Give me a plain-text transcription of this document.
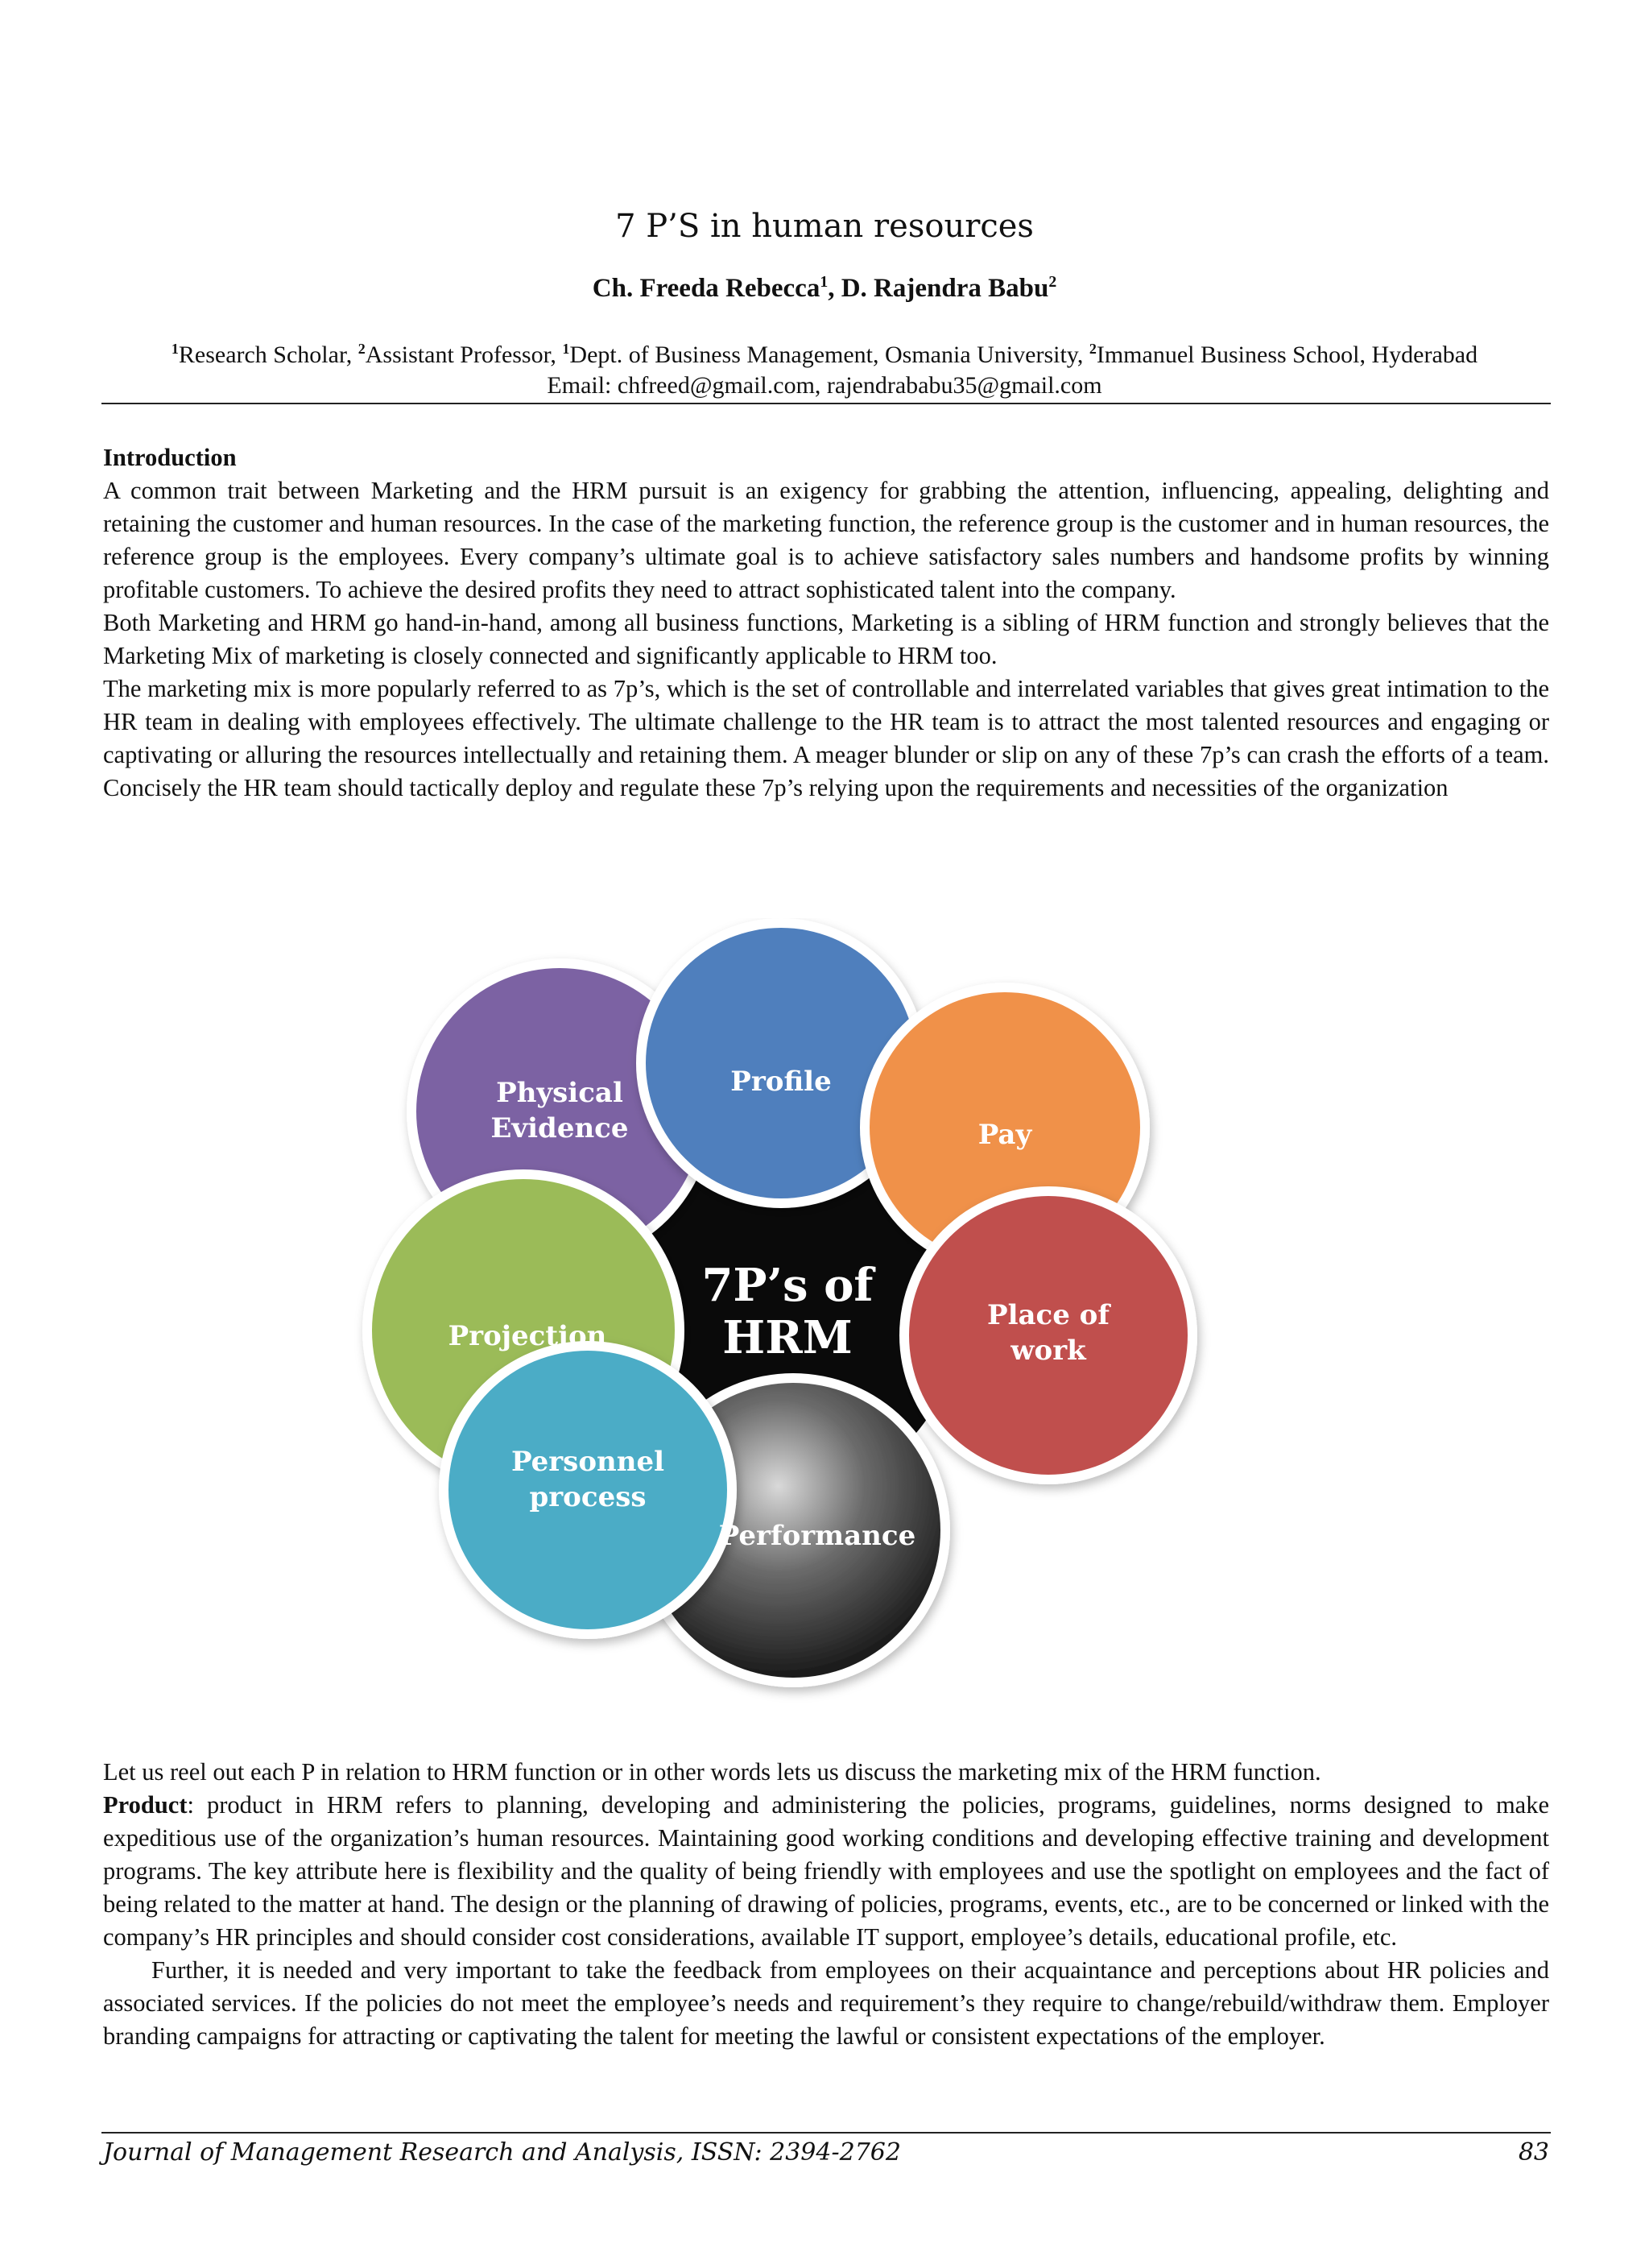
7 P’S in human resources
Ch. Freeda Rebecca$^1$, D. Rajendra Babu$^2$
$^1$Research Scholar, $^2$Assistant Professor, $^1$Dept. of Business Management, Osmania University, $^2$Immanuel Business School, Hyderabad
Email: chfreed@gmail.com, rajendrababu35@gmail.com

Introduction

A common trait between Marketing and the HRM pursuit is an exigency for grabbing the attention, influencing, appealing, delighting and retaining the customer and human resources. In the case of the marketing function, the reference group is the customer and in human resources, the reference group is the employees. Every company’s ultimate goal is to achieve satisfactory sales numbers and handsome profits by winning profitable customers. To achieve the desired profits they need to attract sophisticated talent into the company.

Both Marketing and HRM go hand-in-hand, among all business functions, Marketing is a sibling of HRM function and strongly believes that the Marketing Mix of marketing is closely connected and significantly applicable to HRM too.

The marketing mix is more popularly referred to as 7p’s, which is the set of controllable and interrelated variables that gives great intimation to the HR team in dealing with employees effectively. The ultimate challenge to the HR team is to attract the most talented resources and engaging or captivating or alluring the resources intellectually and retaining them. A meager blunder or slip on any of these 7p’s can crash the efforts of a team. Concisely the HR team should tactically deploy and regulate these 7p’s relying upon the requirements and necessities of the organization

7P’s of
HRM
Physical
Evidence
Profile
Pay
Place of
work
Projection
Personnel
process
Performance

Let us reel out each P in relation to HRM function or in other words lets us discuss the marketing mix of the HRM function.

Product: product in HRM refers to planning, developing and administering the policies, programs, guidelines, norms designed to make expeditious use of the organization’s human resources. Maintaining good working conditions and developing effective training and development programs. The key attribute here is flexibility and the quality of being friendly with employees and use the spotlight on employees and the fact of being related to the matter at hand. The design or the planning of drawing of policies, programs, events, etc., are to be concerned or linked with the company’s HR principles and should consider cost considerations, available IT support, employee’s details, educational profile, etc.

Further, it is needed and very important to take the feedback from employees on their acquaintance and perceptions about HR policies and associated services. If the policies do not meet the employee’s needs and requirement’s they require to change/rebuild/withdraw them. Employer branding campaigns for attracting or captivating the talent for meeting the lawful or consistent expectations of the employer.

Journal of Management Research and Analysis, ISSN: 2394-2762	83
